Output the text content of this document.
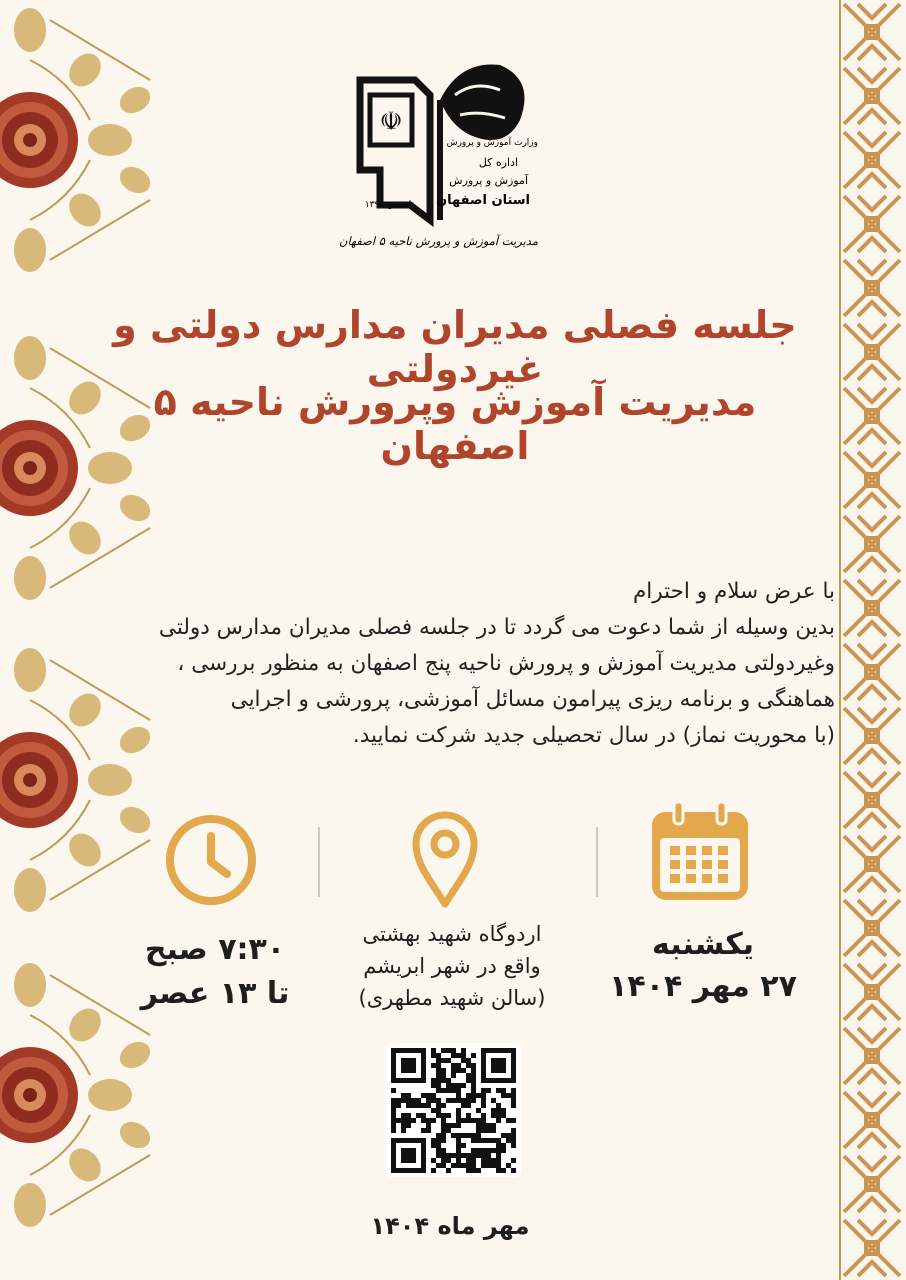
☫
وزارت آموزش و پرورش
اداره کل
آموزش و پرورش
استان اصفهان
تاسیس ۱۳۹۸
مدیریت آموزش و پرورش ناحیه ۵ اصفهان
جلسه فصلی مدیران مدارس دولتی و غیردولتی
مدیریت آموزش وپرورش ناحیه ۵ اصفهان
با عرض سلام و احترام
بدین وسیله از شما دعوت می گردد تا در جلسه فصلی مدیران مدارس دولتی
وغیردولتی مدیریت آموزش و پرورش ناحیه پنج اصفهان به منظور بررسی ،
هماهنگی و برنامه ریزی پیرامون مسائل آموزشی، پرورشی و اجرایی
(با محوریت نماز) در سال تحصیلی جدید شرکت نمایید.
یکشنبه
۲۷ مهر ۱۴۰۴
اردوگاه شهید بهشتی
واقع در شهر ابریشم
(سالن شهید مطهری)
۷:۳۰ صبح
تا ۱۳ عصر
مهر ماه ۱۴۰۴
